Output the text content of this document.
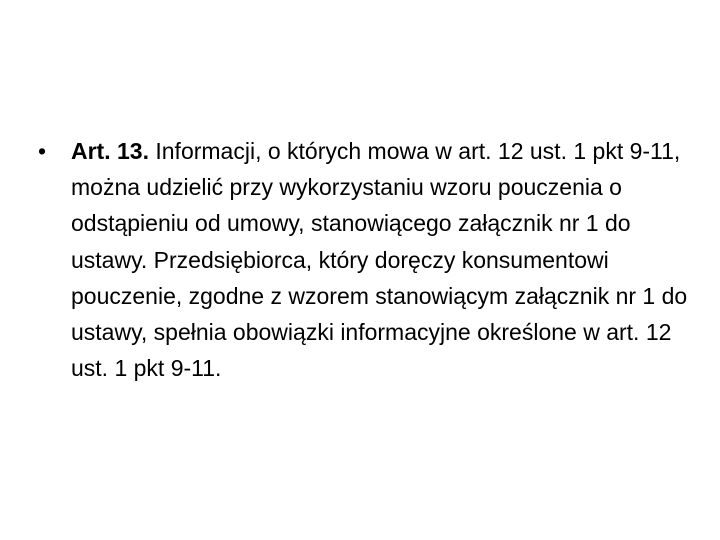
• Art. 13. Informacji, o których mowa w art. 12 ust. 1 pkt 9-11, można udzielić przy wykorzystaniu wzoru pouczenia o odstąpieniu od umowy, stanowiącego załącznik nr 1 do ustawy. Przedsiębiorca, który doręczy konsumentowi pouczenie, zgodne z wzorem stanowiącym załącznik nr 1 do ustawy, spełnia obowiązki informacyjne określone w art. 12 ust. 1 pkt 9-11.
